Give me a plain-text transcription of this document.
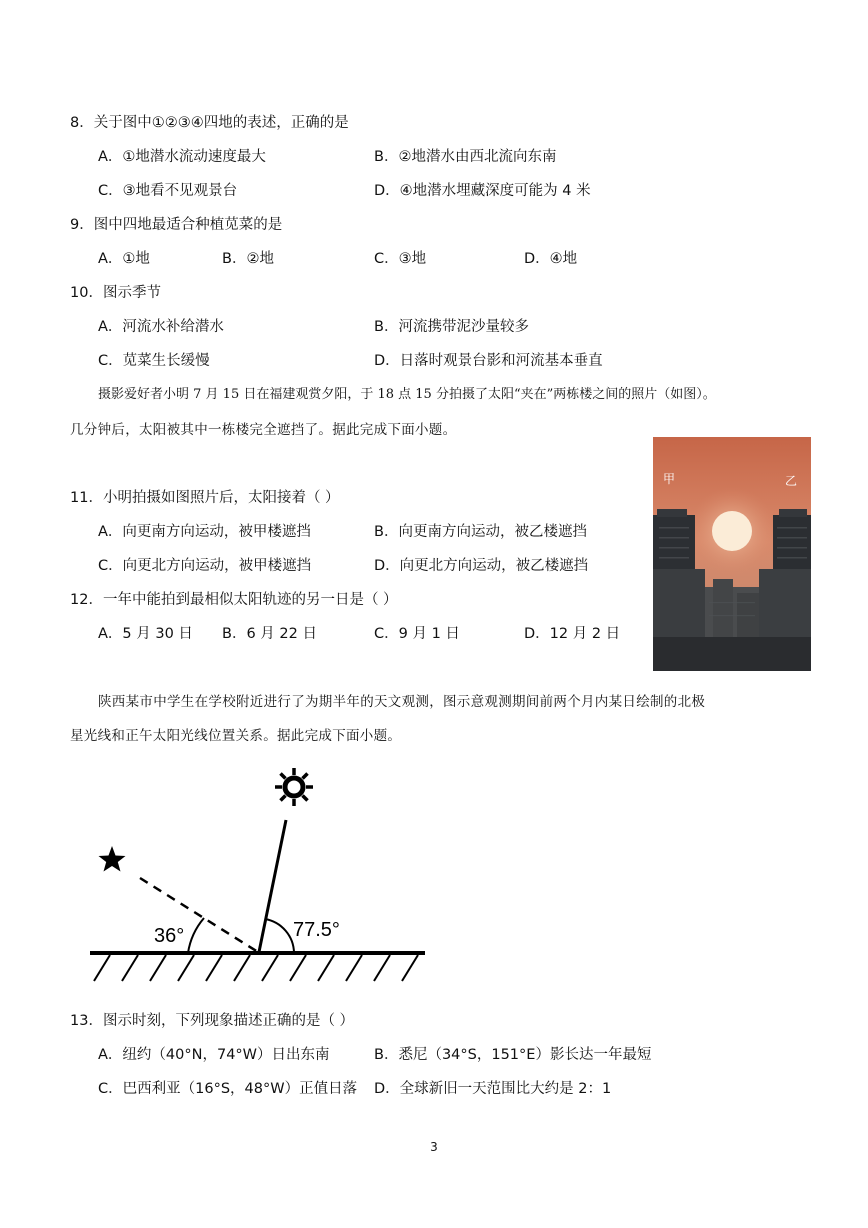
8．关于图中①②③④四地的表述，正确的是
A．①地潜水流动速度最大	B．②地潜水由西北流向东南
C．③地看不见观景台	D．④地潜水埋藏深度可能为 4 米
9．图中四地最适合种植苋菜的是
A．①地	B．②地	C．③地	D．④地
10．图示季节
A．河流水补给潜水	B．河流携带泥沙量较多
C．苋菜生长缓慢	D．日落时观景台影和河流基本垂直
摄影爱好者小明 7 月 15 日在福建观赏夕阳，于 18 点 15 分拍摄了太阳“夹在”两栋楼之间的照片（如图）。
几分钟后，太阳被其中一栋楼完全遮挡了。据此完成下面小题。
甲	乙
11．小明拍摄如图照片后，太阳接着（ ）
A．向更南方向运动，被甲楼遮挡	B．向更南方向运动，被乙楼遮挡
C．向更北方向运动，被甲楼遮挡	D．向更北方向运动，被乙楼遮挡
12．一年中能拍到最相似太阳轨迹的另一日是（ ）
A．5 月 30 日 B．6 月 22 日	C．9 月 1 日	D．12 月 2 日
陕西某市中学生在学校附近进行了为期半年的天文观测，图示意观测期间前两个月内某日绘制的北极
星光线和正午太阳光线位置关系。据此完成下面小题。
36°	77.5°
13．图示时刻，下列现象描述正确的是（ ）
A．纽约（40°N，74°W）日出东南	B．悉尼（34°S，151°E）影长达一年最短
C．巴西利亚（16°S，48°W）正值日落 D．全球新旧一天范围比大约是 2：1
3
